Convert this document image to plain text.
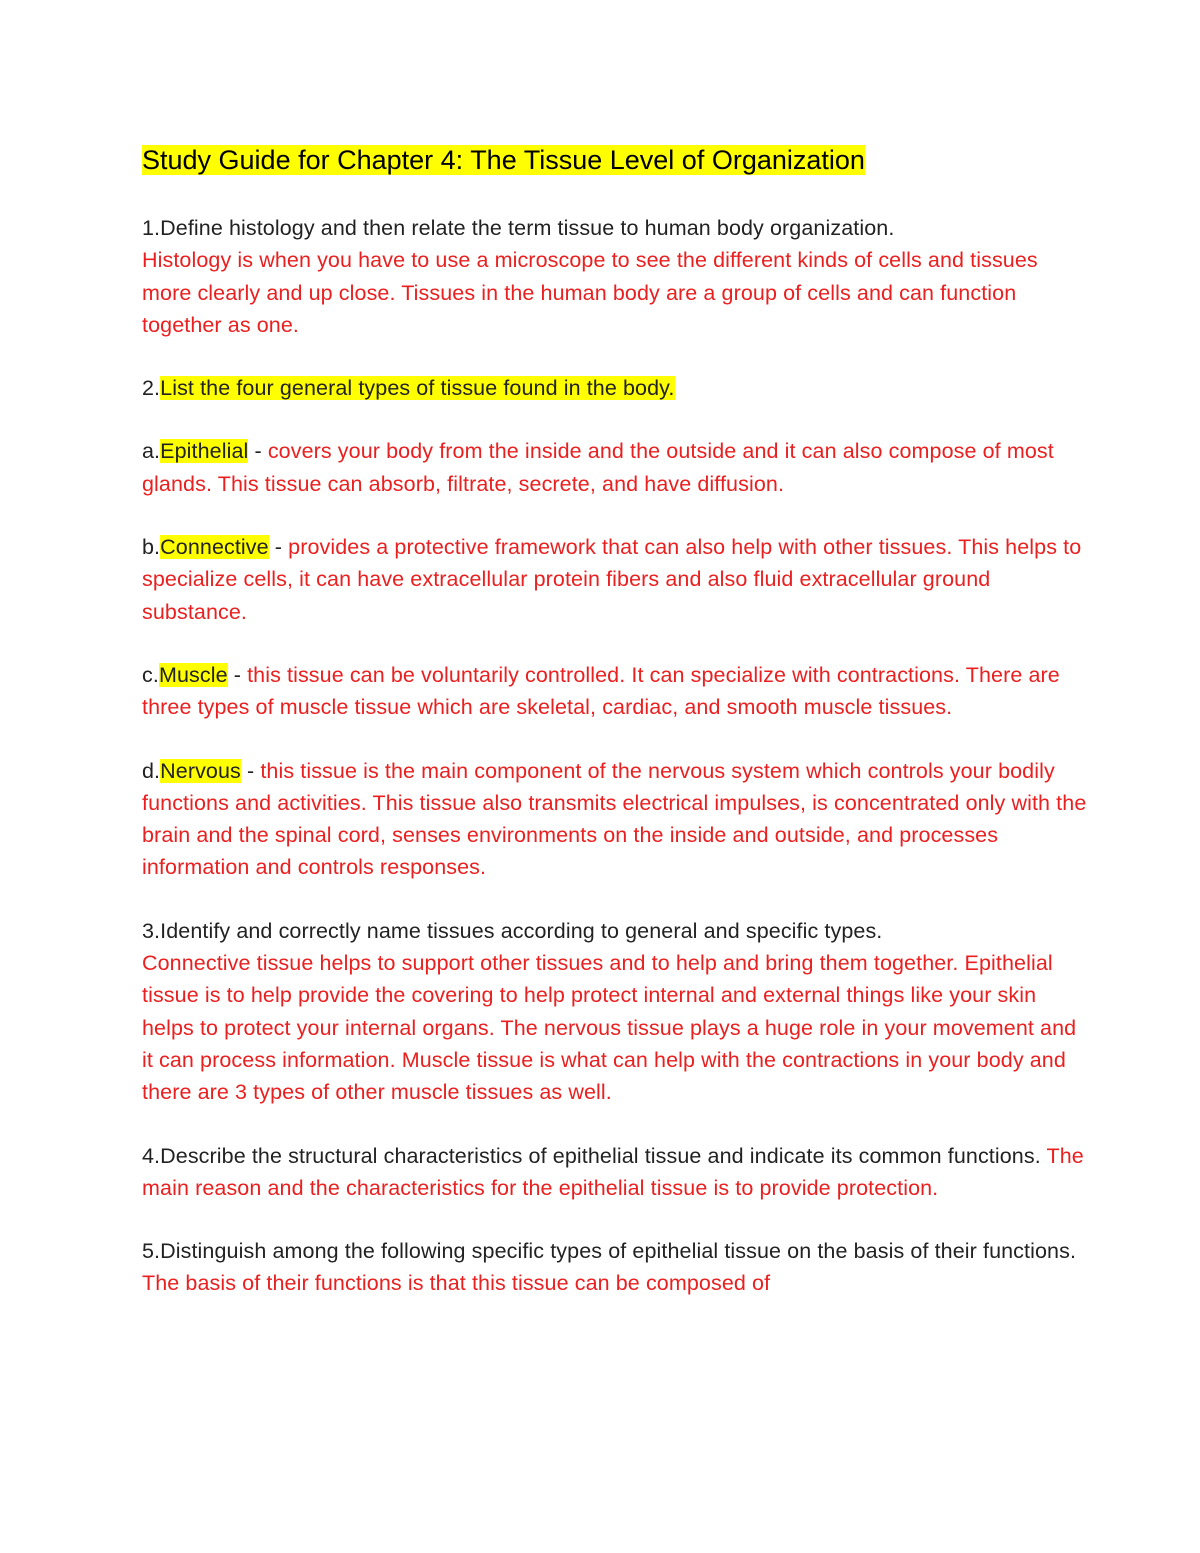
Study Guide for Chapter 4: The Tissue Level of Organization

1.Define histology and then relate the term tissue to human body organization.
Histology is when you have to use a microscope to see the different kinds of cells and tissues more clearly and up close. Tissues in the human body are a group of cells and can function together as one.

2.List the four general types of tissue found in the body.

a.Epithelial - covers your body from the inside and the outside and it can also compose of most glands. This tissue can absorb, filtrate, secrete, and have diffusion.

b.Connective - provides a protective framework that can also help with other tissues. This helps to specialize cells, it can have extracellular protein fibers and also fluid extracellular ground substance.

c.Muscle - this tissue can be voluntarily controlled. It can specialize with contractions. There are three types of muscle tissue which are skeletal, cardiac, and smooth muscle tissues.

d.Nervous - this tissue is the main component of the nervous system which controls your bodily functions and activities. This tissue also transmits electrical impulses, is concentrated only with the brain and the spinal cord, senses environments on the inside and outside, and processes information and controls responses.

3.Identify and correctly name tissues according to general and specific types.
Connective tissue helps to support other tissues and to help and bring them together. Epithelial tissue is to help provide the covering to help protect internal and external things like your skin helps to protect your internal organs. The nervous tissue plays a huge role in your movement and it can process information. Muscle tissue is what can help with the contractions in your body and there are 3 types of other muscle tissues as well.

4.Describe the structural characteristics of epithelial tissue and indicate its common functions. The main reason and the characteristics for the epithelial tissue is to provide protection.

5.Distinguish among the following specific types of epithelial tissue on the basis of their functions. The basis of their functions is that this tissue can be composed of
